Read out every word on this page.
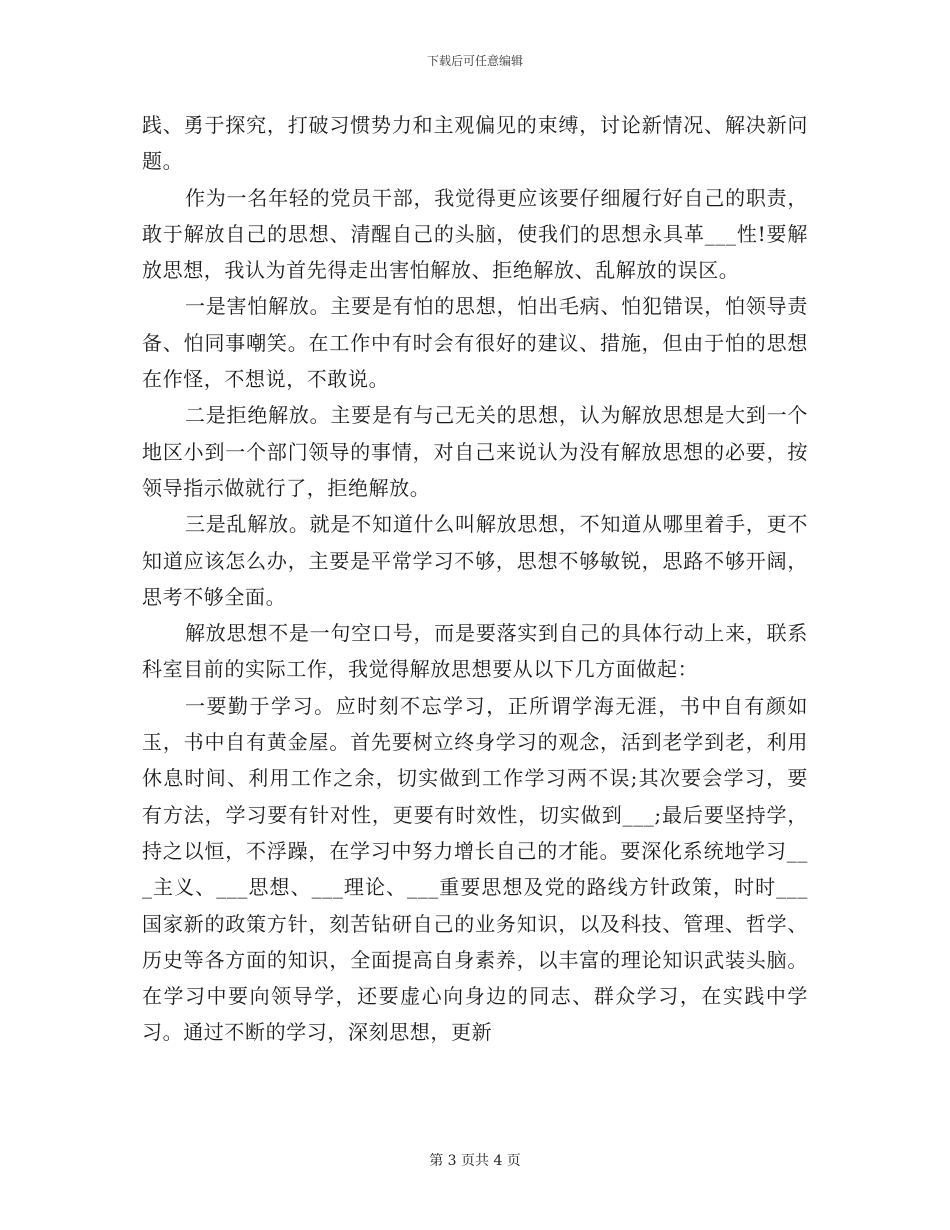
下载后可任意编辑

践、勇于探究，打破习惯势力和主观偏见的束缚，讨论新情况、解决新问题。

作为一名年轻的党员干部，我觉得更应该要仔细履行好自己的职责，敢于解放自己的思想、清醒自己的头脑，使我们的思想永具革___性!要解放思想，我认为首先得走出害怕解放、拒绝解放、乱解放的误区。

一是害怕解放。主要是有怕的思想，怕出毛病、怕犯错误，怕领导责备、怕同事嘲笑。在工作中有时会有很好的建议、措施，但由于怕的思想在作怪，不想说，不敢说。

二是拒绝解放。主要是有与己无关的思想，认为解放思想是大到一个地区小到一个部门领导的事情，对自己来说认为没有解放思想的必要，按领导指示做就行了，拒绝解放。

三是乱解放。就是不知道什么叫解放思想，不知道从哪里着手，更不知道应该怎么办，主要是平常学习不够，思想不够敏锐，思路不够开阔，思考不够全面。

解放思想不是一句空口号，而是要落实到自己的具体行动上来，联系科室目前的实际工作，我觉得解放思想要从以下几方面做起：

一要勤于学习。应时刻不忘学习，正所谓学海无涯，书中自有颜如玉，书中自有黄金屋。首先要树立终身学习的观念，活到老学到老，利用休息时间、利用工作之余，切实做到工作学习两不误;其次要会学习，要有方法，学习要有针对性，更要有时效性，切实做到___;最后要坚持学，持之以恒，不浮躁，在学习中努力增长自己的才能。要深化系统地学习___主义、___思想、___理论、___重要思想及党的路线方针政策，时时___国家新的政策方针，刻苦钻研自己的业务知识，以及科技、管理、哲学、历史等各方面的知识，全面提高自身素养，以丰富的理论知识武装头脑。在学习中要向领导学，还要虚心向身边的同志、群众学习，在实践中学习。通过不断的学习，深刻思想，更新

第 3 页共 4 页
